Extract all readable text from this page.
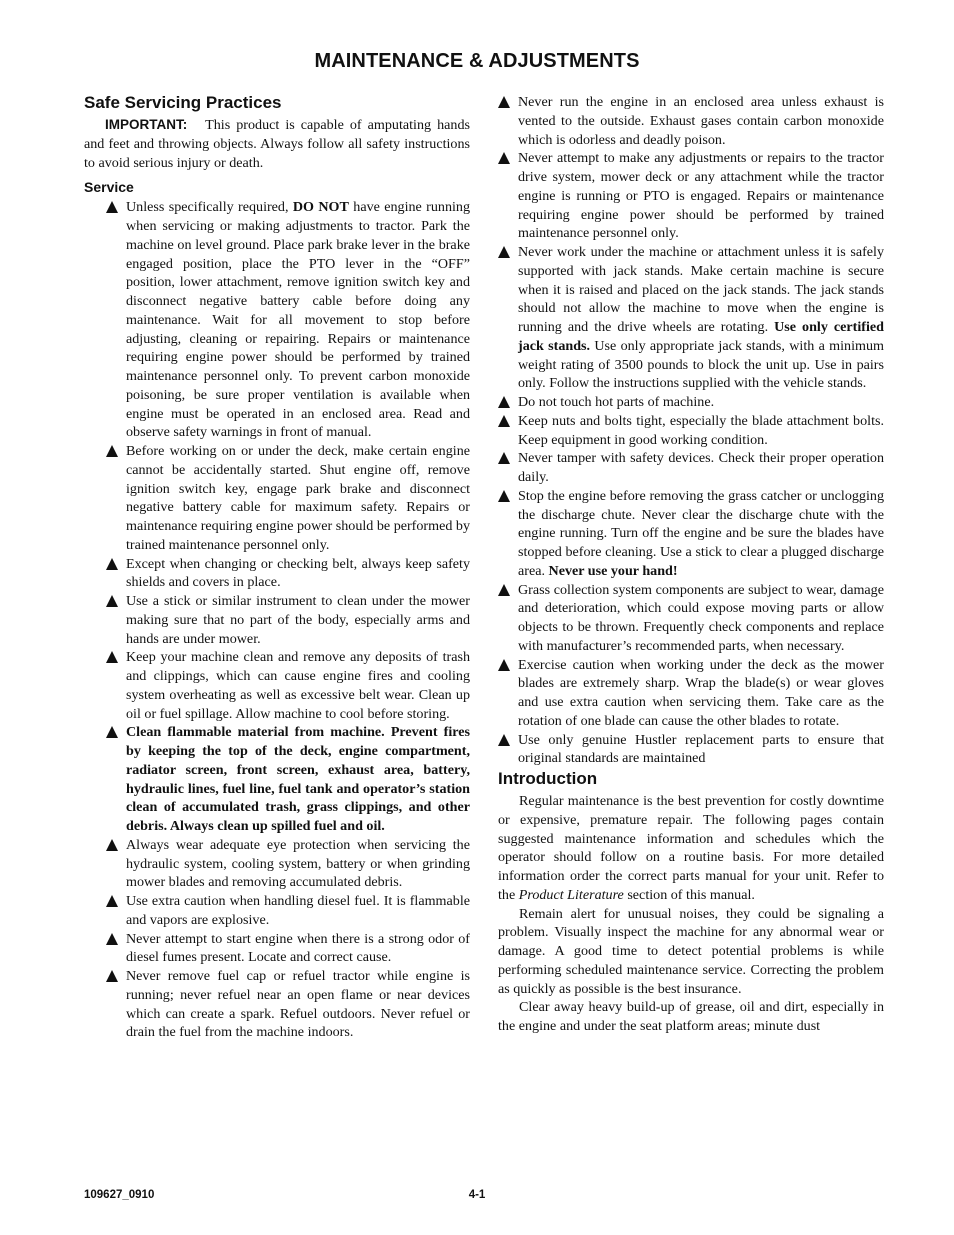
MAINTENANCE & ADJUSTMENTS
Safe Servicing Practices

IMPORTANT: This product is capable of amputating hands and feet and throwing objects. Always follow all safety instructions to avoid serious injury or death.

Service
Unless specifically required, DO NOT have engine running when servicing or making adjustments to tractor. Park the machine on level ground. Place park brake lever in the brake engaged position, place the PTO lever in the “OFF” position, lower attachment, remove ignition switch key and disconnect negative battery cable before doing any maintenance. Wait for all movement to stop before adjusting, cleaning or repairing. Repairs or maintenance requiring engine power should be performed by trained maintenance personnel only. To prevent carbon monoxide poisoning, be sure proper ventilation is available when engine must be operated in an enclosed area. Read and observe safety warnings in front of manual.
Before working on or under the deck, make certain engine cannot be accidentally started. Shut engine off, remove ignition switch key, engage park brake and disconnect negative battery cable for maximum safety. Repairs or maintenance requiring engine power should be performed by trained maintenance personnel only.
Except when changing or checking belt, always keep safety shields and covers in place.
Use a stick or similar instrument to clean under the mower making sure that no part of the body, especially arms and hands are under mower.
Keep your machine clean and remove any deposits of trash and clippings, which can cause engine fires and cooling system overheating as well as excessive belt wear. Clean up oil or fuel spillage. Allow machine to cool before storing.
Clean flammable material from machine. Prevent fires by keeping the top of the deck, engine compartment, radiator screen, front screen, exhaust area, battery, hydraulic lines, fuel line, fuel tank and operator’s station clean of accumulated trash, grass clippings, and other debris. Always clean up spilled fuel and oil.
Always wear adequate eye protection when servicing the hydraulic system, cooling system, battery or when grinding mower blades and removing accumulated debris.
Use extra caution when handling diesel fuel. It is flammable and vapors are explosive.
Never attempt to start engine when there is a strong odor of diesel fumes present. Locate and correct cause.
Never remove fuel cap or refuel tractor while engine is running; never refuel near an open flame or near devices which can create a spark. Refuel outdoors. Never refuel or drain the fuel from the machine indoors.
Never run the engine in an enclosed area unless exhaust is vented to the outside. Exhaust gases contain carbon monoxide which is odorless and deadly poison.
Never attempt to make any adjustments or repairs to the tractor drive system, mower deck or any attachment while the tractor engine is running or PTO is engaged. Repairs or maintenance requiring engine power should be performed by trained maintenance personnel only.
Never work under the machine or attachment unless it is safely supported with jack stands. Make certain machine is secure when it is raised and placed on the jack stands. The jack stands should not allow the machine to move when the engine is running and the drive wheels are rotating. Use only certified jack stands. Use only appropriate jack stands, with a minimum weight rating of 3500 pounds to block the unit up. Use in pairs only. Follow the instructions supplied with the vehicle stands.
Do not touch hot parts of machine.
Keep nuts and bolts tight, especially the blade attachment bolts. Keep equipment in good working condition.
Never tamper with safety devices. Check their proper operation daily.
Stop the engine before removing the grass catcher or unclogging the discharge chute. Never clear the discharge chute with the engine running. Turn off the engine and be sure the blades have stopped before cleaning. Use a stick to clear a plugged discharge area. Never use your hand!
Grass collection system components are subject to wear, damage and deterioration, which could expose moving parts or allow objects to be thrown. Frequently check components and replace with manufacturer’s recommended parts, when necessary.
Exercise caution when working under the deck as the mower blades are extremely sharp. Wrap the blade(s) or wear gloves and use extra caution when servicing them. Take care as the rotation of one blade can cause the other blades to rotate.
Use only genuine Hustler replacement parts to ensure that original standards are maintained
Introduction

Regular maintenance is the best prevention for costly downtime or expensive, premature repair. The following pages contain suggested maintenance information and schedules which the operator should follow on a routine basis. For more detailed information order the correct parts manual for your unit. Refer to the Product Literature section of this manual.

Remain alert for unusual noises, they could be signaling a problem. Visually inspect the machine for any abnormal wear or damage. A good time to detect potential problems is while performing scheduled maintenance service. Correcting the problem as quickly as possible is the best insurance.

Clear away heavy build-up of grease, oil and dirt, especially in the engine and under the seat platform areas; minute dust

109627_0910	4-1
